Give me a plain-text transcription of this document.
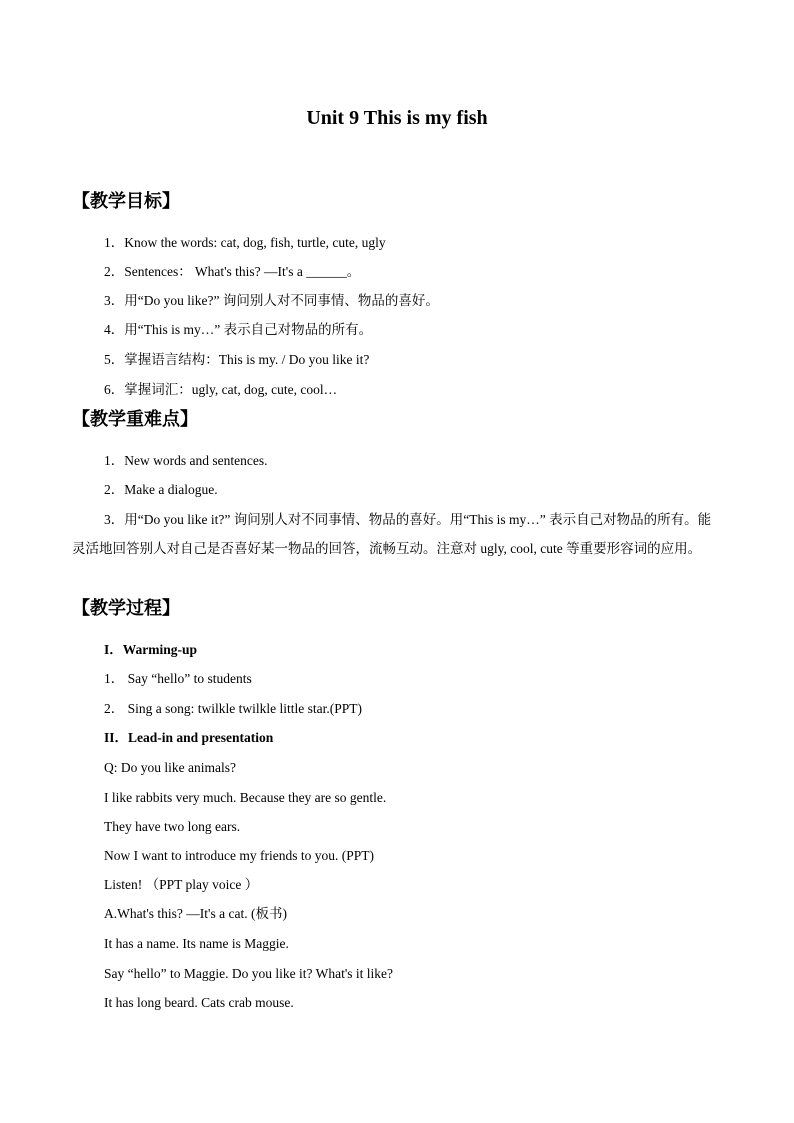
Unit 9 This is my fish
【教学目标】
1．Know the words: cat, dog, fish, turtle, cute, ugly
2．Sentences： What's this? —It's a ______。
3．用“Do you like?” 询问别人对不同事情、物品的喜好。
4．用“This is my…” 表示自己对物品的所有。
5．掌握语言结构：This is my. / Do you like it?
6．掌握词汇：ugly, cat, dog, cute, cool…
【教学重难点】
1．New words and sentences.
2．Make a dialogue.
3．用“Do you like it?” 询问别人对不同事情、物品的喜好。用“This is my…” 表示自己对物品的所有。能灵活地回答别人对自己是否喜好某一物品的回答，流畅互动。注意对 ugly, cool, cute 等重要形容词的应用。
【教学过程】
I．Warming-up
1． Say “hello” to students
2． Sing a song: twilkle twilkle little star.(PPT)
II．Lead-in and presentation
Q: Do you like animals?
I like rabbits very much. Because they are so gentle.
They have two long ears.
Now I want to introduce my friends to you. (PPT)
Listen! （PPT play voice ）
A.What's this? —It's a cat. (板书)
It has a name. Its name is Maggie.
Say “hello” to Maggie. Do you like it? What's it like?
It has long beard. Cats crab mouse.
